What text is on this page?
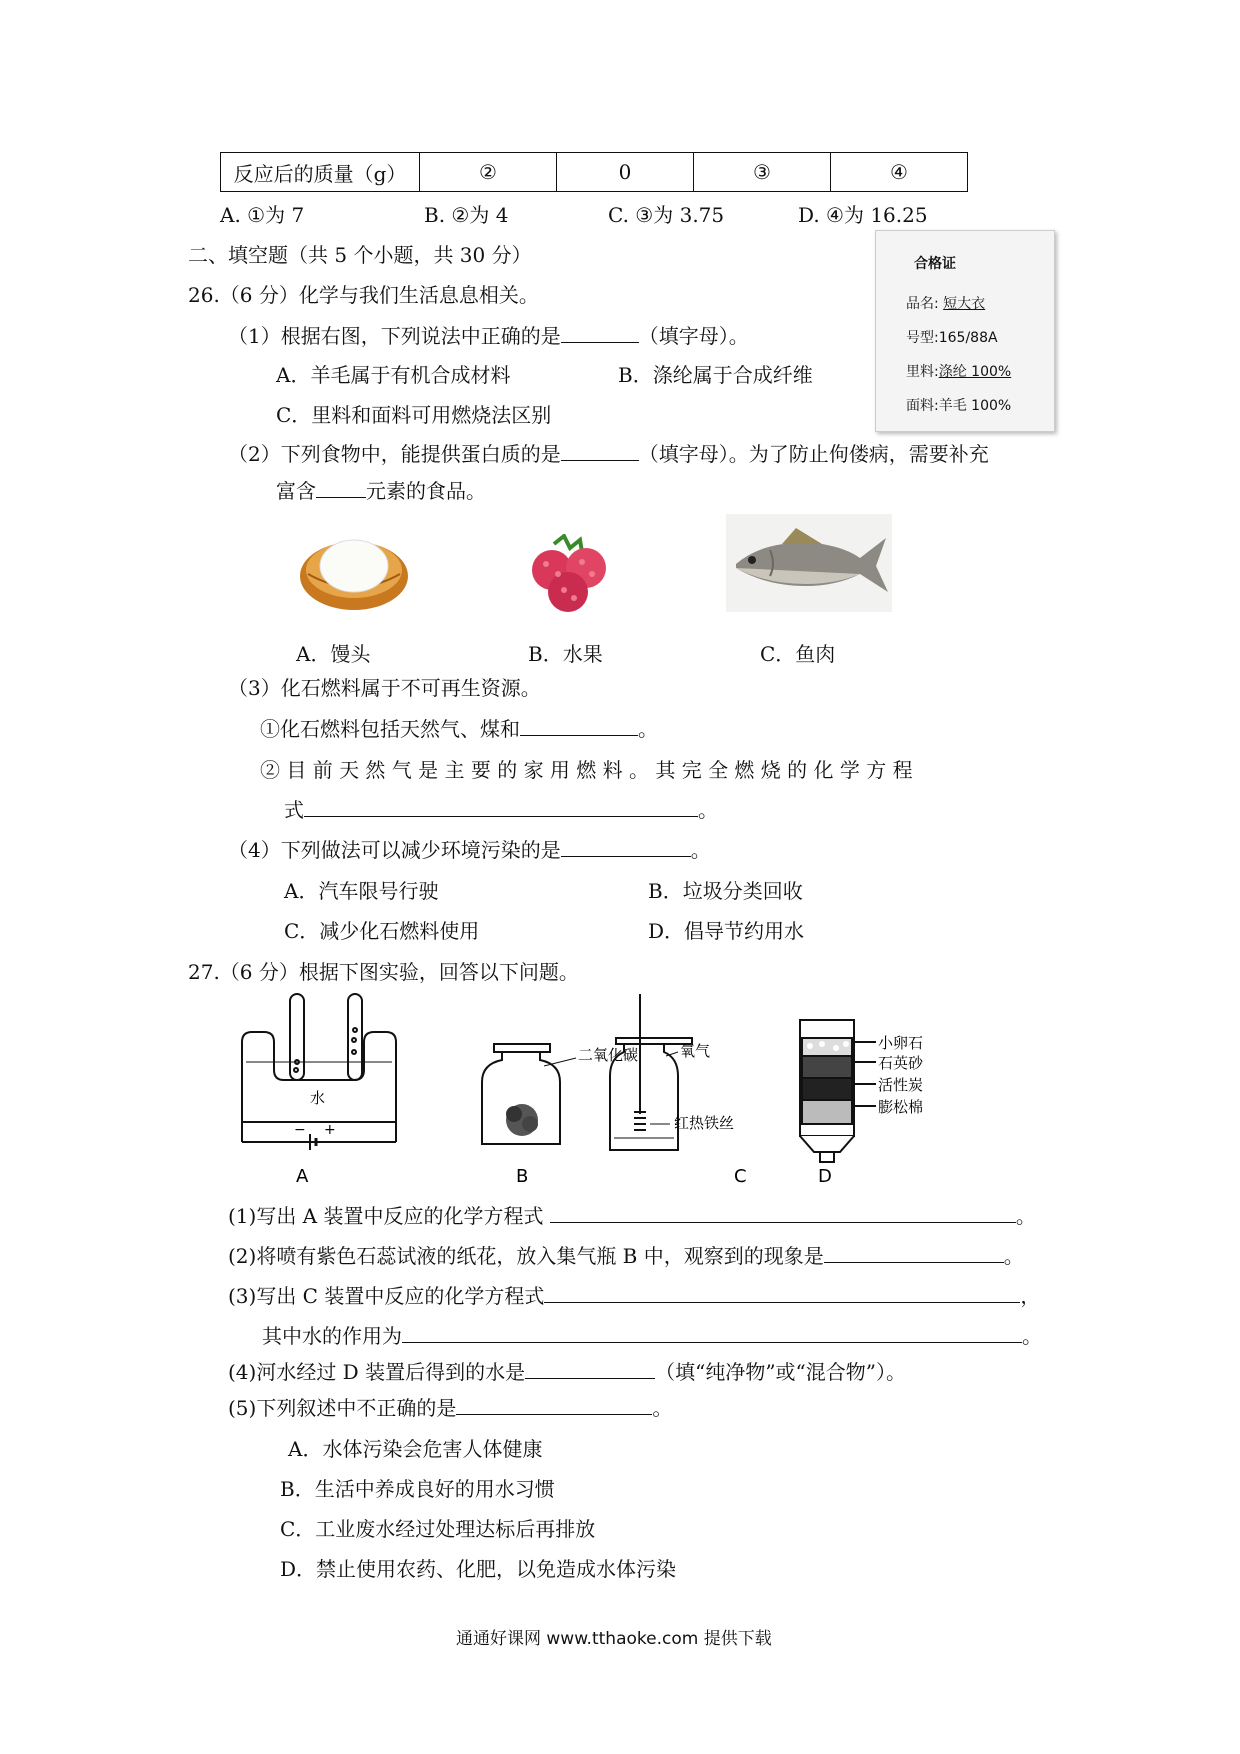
反应后的质量（g）	②	0	③	④
A. ①为 7	B. ②为 4	C. ③为 3.75	D. ④为 16.25
二、填空题（共 5 个小题，共 30 分）
26.（6 分）化学与我们生活息息相关。
（1）根据右图，下列说法中正确的是	（填字母）。
A．羊毛属于有机合成材料	B．涤纶属于合成纤维
C．里料和面料可用燃烧法区别
合格证
品名: 短大衣
号型:165/88A
里料:涤纶 100%
面料:羊毛 100%
（2）下列食物中，能提供蛋白质的是	（填字母）。为了防止佝偻病，需要补充
富含	元素的食品。
A．馒头	B．水果	C．鱼肉
（3）化石燃料属于不可再生资源。
①化石燃料包括天然气、煤和	。
② 目 前 天 然 气 是 主 要 的 家 用 燃 料 。 其 完 全 燃 烧 的 化 学 方 程
式	。
（4）下列做法可以减少环境污染的是	。
A．汽车限号行驶	B．垃圾分类回收
C．减少化石燃料使用	D．倡导节约用水
27.（6 分）根据下图实验，回答以下问题。
水
− +
A
二氧化碳
B
氧气
红热铁丝
C
小卵石
石英砂
活性炭
膨松棉
D
(1)写出 A 装置中反应的化学方程式	。
(2)将喷有紫色石蕊试液的纸花，放入集气瓶 B 中，观察到的现象是	。
(3)写出 C 装置中反应的化学方程式	，
其中水的作用为	。
(4)河水经过 D 装置后得到的水是	（填“纯净物”或“混合物”）。
(5)下列叙述中不正确的是	。
A．水体污染会危害人体健康
B．生活中养成良好的用水习惯
C．工业废水经过处理达标后再排放
D．禁止使用农药、化肥，以免造成水体污染
通通好课网 www.tthaoke.com 提供下载
